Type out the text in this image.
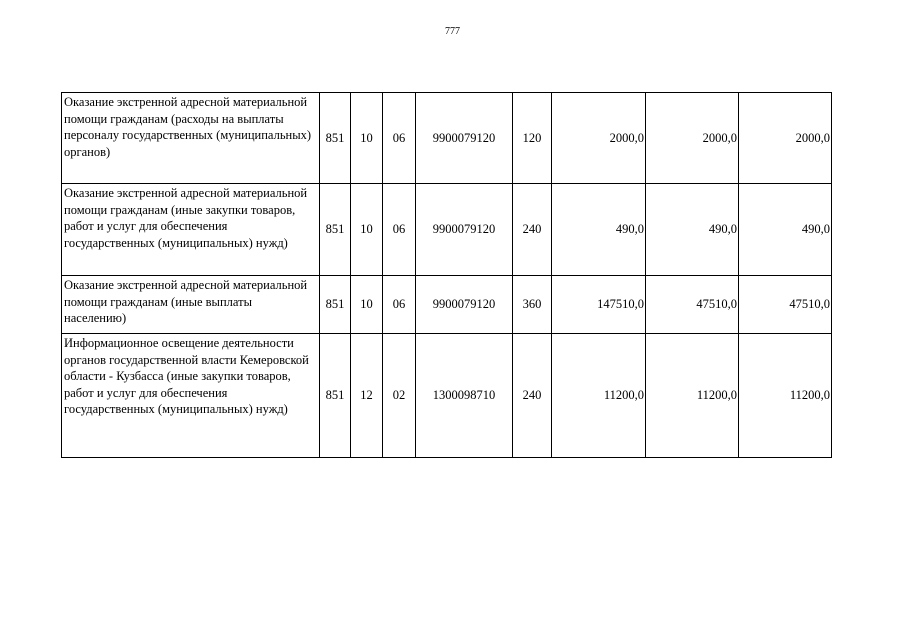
777
Оказание экстренной адресной материальной помощи гражданам (расходы на выплаты персоналу государственных (муниципальных) органов)	851	10	06	9900079120	120	2000,0	2000,0	2000,0
Оказание экстренной адресной материальной помощи гражданам (иные закупки товаров, работ и услуг для обеспечения государственных (муниципальных) нужд)	851	10	06	9900079120	240	490,0	490,0	490,0
Оказание экстренной адресной материальной помощи гражданам (иные выплаты населению)	851	10	06	9900079120	360	147510,0	47510,0	47510,0
Информационное освещение деятельности органов государственной власти Кемеровской области - Кузбасса (иные закупки товаров, работ и услуг для обеспечения государственных (муниципальных) нужд)	851	12	02	1300098710	240	11200,0	11200,0	11200,0
